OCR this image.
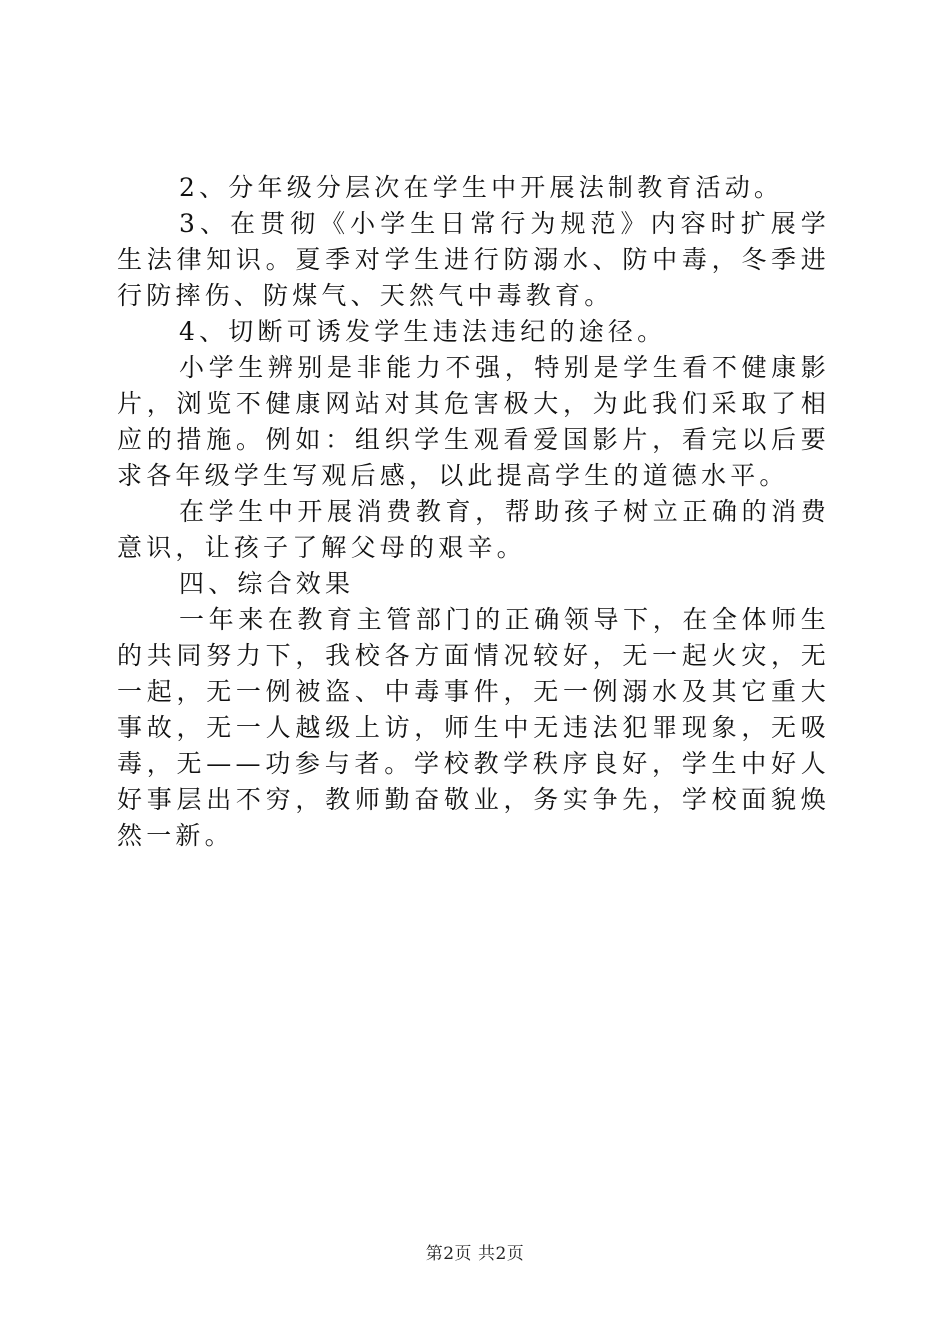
2、分年级分层次在学生中开展法制教育活动。

3、在贯彻《小学生日常行为规范》内容时扩展学生法律知识。夏季对学生进行防溺水、防中毒，冬季进行防摔伤、防煤气、天然气中毒教育。

4、切断可诱发学生违法违纪的途径。

小学生辨别是非能力不强，特别是学生看不健康影片，浏览不健康网站对其危害极大，为此我们采取了相应的措施。例如：组织学生观看爱国影片，看完以后要求各年级学生写观后感，以此提高学生的道德水平。

在学生中开展消费教育，帮助孩子树立正确的消费意识，让孩子了解父母的艰辛。

四、综合效果

一年来在教育主管部门的正确领导下，在全体师生的共同努力下，我校各方面情况较好，无一起火灾，无一起，无一例被盗、中毒事件，无一例溺水及其它重大事故，无一人越级上访，师生中无违法犯罪现象，无吸毒，无——功参与者。学校教学秩序良好，学生中好人好事层出不穷，教师勤奋敬业，务实争先，学校面貌焕然一新。

第2页 共2页
